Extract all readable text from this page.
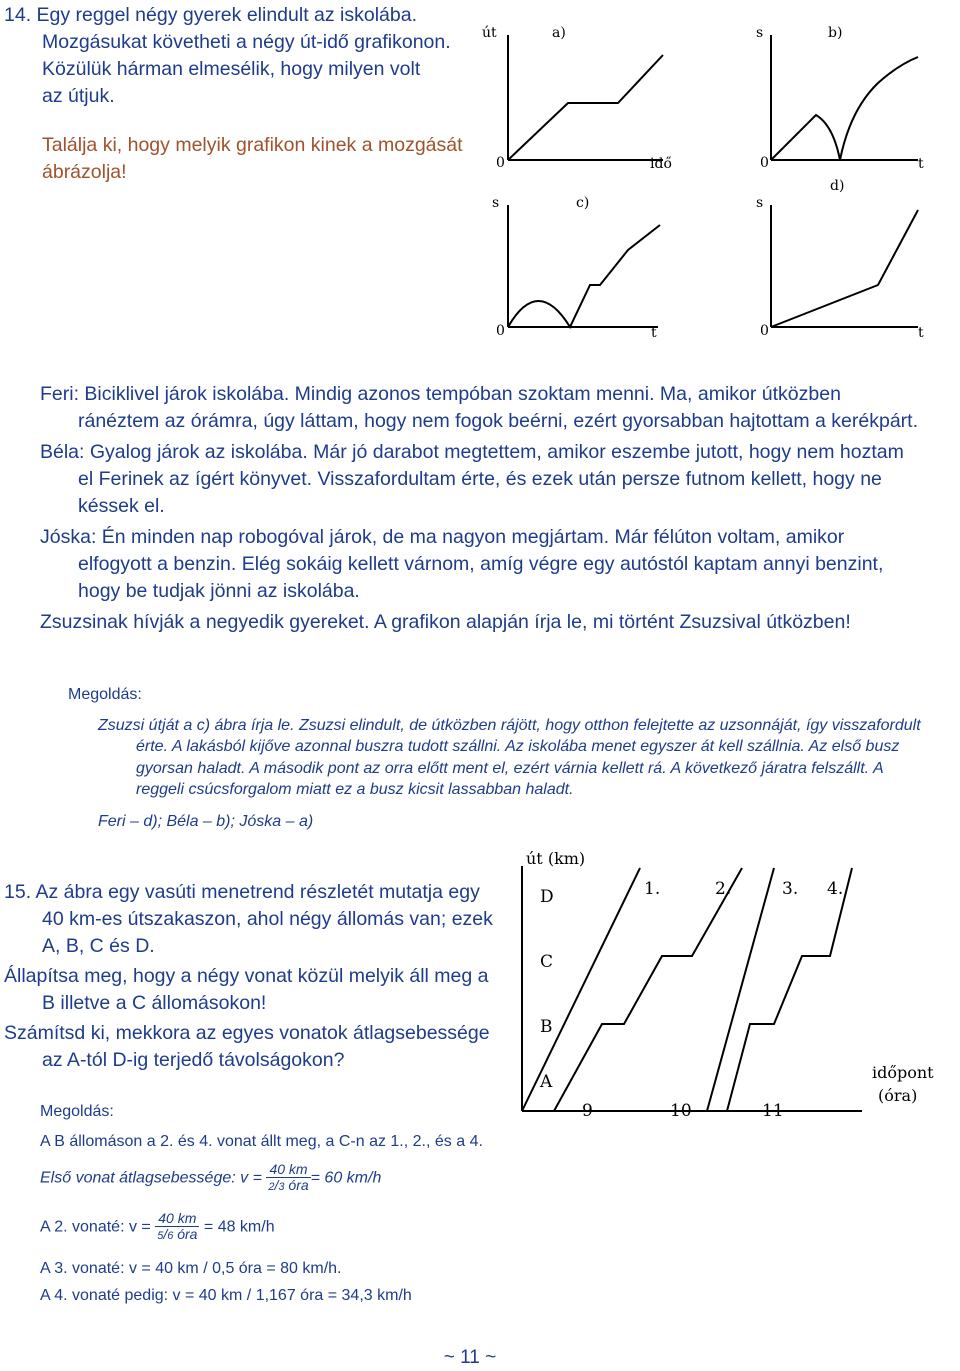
14. Egy reggel négy gyerek elindult az iskolába.

Mozgásukat követheti a négy út-idő grafikonon.

Közülük hárman elmesélik, hogy milyen volt az útjuk.

Találja ki, hogy melyik grafikon kinek a mozgását ábrázolja!

út	a)
0	idő
s	b)
0	t
s	c)
0	t
s
d)
0	t

Feri: Biciklivel járok iskolába. Mindig azonos tempóban szoktam menni. Ma, amikor útközben ránéztem az órámra, úgy láttam, hogy nem fogok beérni, ezért gyorsabban hajtottam a kerékpárt.

Béla: Gyalog járok az iskolába. Már jó darabot megtettem, amikor eszembe jutott, hogy nem hoztam el Ferinek az ígért könyvet. Visszafordultam érte, és ezek után persze futnom kellett, hogy ne késsek el.

Jóska: Én minden nap robogóval járok, de ma nagyon megjártam. Már félúton voltam, amikor elfogyott a benzin. Elég sokáig kellett várnom, amíg végre egy autóstól kaptam annyi benzint, hogy be tudjak jönni az iskolába.

Zsuzsinak hívják a negyedik gyereket. A grafikon alapján írja le, mi történt Zsuzsival útközben!

Megoldás:

Zsuzsi útját a c) ábra írja le. Zsuzsi elindult, de útközben rájött, hogy otthon felejtette az uzsonnáját, így visszafordult érte. A lakásból kijőve azonnal buszra tudott szállni. Az iskolába menet egyszer át kell szállnia. Az első busz gyorsan haladt. A második pont az orra előtt ment el, ezért várnia kellett rá. A következő járatra felszállt. A reggeli csúcsforgalom miatt ez a busz kicsit lassabban haladt.

Feri – d); Béla – b); Jóska – a)

15. Az ábra egy vasúti menetrend részletét mutatja egy 40 km-es útszakaszon, ahol négy állomás van; ezek A, B, C és D.

Állapítsa meg, hogy a négy vonat közül melyik áll meg a B illetve a C állomásokon!

Számítsd ki, mekkora az egyes vonatok átlagsebessége az A-tól D-ig terjedő távolságokon?

út (km)
D
C
B
A
1.	2.	3. 4.
9	10	11
időpont
(óra)

Megoldás:

A B állomáson a 2. és 4. vonat állt meg, a C-n az 1., 2., és a 4.

Első vonat átlagsebessége: $v = \frac{40 km}{\text{2/3 óra}} = 60$ km/h
A 2. vonaté: $v = \frac{40 km}{\text{5/6 óra}} = 48$ km/h

A 3. vonaté: v = 40 km / 0,5 óra = 80 km/h.

A 4. vonaté pedig: v = 40 km / 1,167 óra = 34,3 km/h

~ 11 ~
